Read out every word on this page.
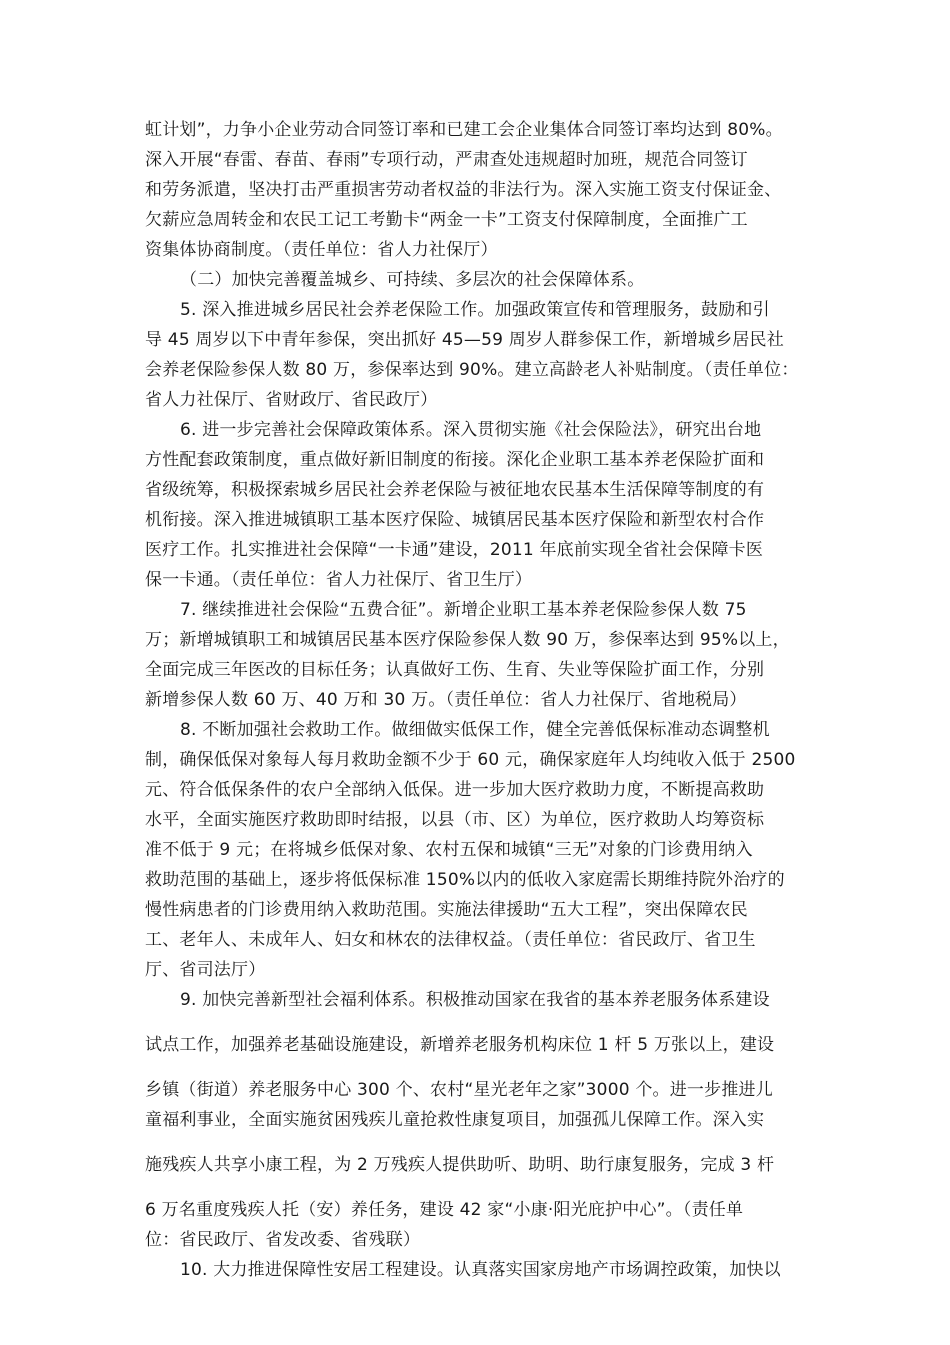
虹计划”，力争小企业劳动合同签订率和已建工会企业集体合同签订率均达到 80%。
深入开展“春雷、春苗、春雨”专项行动，严肃查处违规超时加班，规范合同签订
和劳务派遣，坚决打击严重损害劳动者权益的非法行为。深入实施工资支付保证金、
欠薪应急周转金和农民工记工考勤卡“两金一卡”工资支付保障制度，全面推广工
资集体协商制度。（责任单位：省人力社保厅）
（二）加快完善覆盖城乡、可持续、多层次的社会保障体系。
5. 深入推进城乡居民社会养老保险工作。加强政策宣传和管理服务，鼓励和引
导 45 周岁以下中青年参保，突出抓好 45—59 周岁人群参保工作，新增城乡居民社
会养老保险参保人数 80 万，参保率达到 90%。建立高龄老人补贴制度。（责任单位：
省人力社保厅、省财政厅、省民政厅）
6. 进一步完善社会保障政策体系。深入贯彻实施《社会保险法》，研究出台地
方性配套政策制度，重点做好新旧制度的衔接。深化企业职工基本养老保险扩面和
省级统筹，积极探索城乡居民社会养老保险与被征地农民基本生活保障等制度的有
机衔接。深入推进城镇职工基本医疗保险、城镇居民基本医疗保险和新型农村合作
医疗工作。扎实推进社会保障“一卡通”建设，2011 年底前实现全省社会保障卡医
保一卡通。（责任单位：省人力社保厅、省卫生厅）
7. 继续推进社会保险“五费合征”。新增企业职工基本养老保险参保人数 75
万；新增城镇职工和城镇居民基本医疗保险参保人数 90 万，参保率达到 95%以上，
全面完成三年医改的目标任务；认真做好工伤、生育、失业等保险扩面工作，分别
新增参保人数 60 万、40 万和 30 万。（责任单位：省人力社保厅、省地税局）
8. 不断加强社会救助工作。做细做实低保工作，健全完善低保标准动态调整机
制，确保低保对象每人每月救助金额不少于 60 元，确保家庭年人均纯收入低于 2500
元、符合低保条件的农户全部纳入低保。进一步加大医疗救助力度，不断提高救助
水平，全面实施医疗救助即时结报，以县（市、区）为单位，医疗救助人均筹资标
准不低于 9 元；在将城乡低保对象、农村五保和城镇“三无”对象的门诊费用纳入
救助范围的基础上，逐步将低保标准 150%以内的低收入家庭需长期维持院外治疗的
慢性病患者的门诊费用纳入救助范围。实施法律援助“五大工程”，突出保障农民
工、老年人、未成年人、妇女和林农的法律权益。（责任单位：省民政厅、省卫生
厅、省司法厅）
9. 加快完善新型社会福利体系。积极推动国家在我省的基本养老服务体系建设
试点工作，加强养老基础设施建设，新增养老服务机构床位 1 杆 5 万张以上，建设
乡镇（街道）养老服务中心 300 个、农村“星光老年之家”3000 个。进一步推进儿
童福利事业，全面实施贫困残疾儿童抢救性康复项目，加强孤儿保障工作。深入实
施残疾人共享小康工程，为 2 万残疾人提供助听、助明、助行康复服务，完成 3 杆
6 万名重度残疾人托（安）养任务，建设 42 家“小康·阳光庇护中心”。（责任单
位：省民政厅、省发改委、省残联）
10. 大力推进保障性安居工程建设。认真落实国家房地产市场调控政策，加快以
